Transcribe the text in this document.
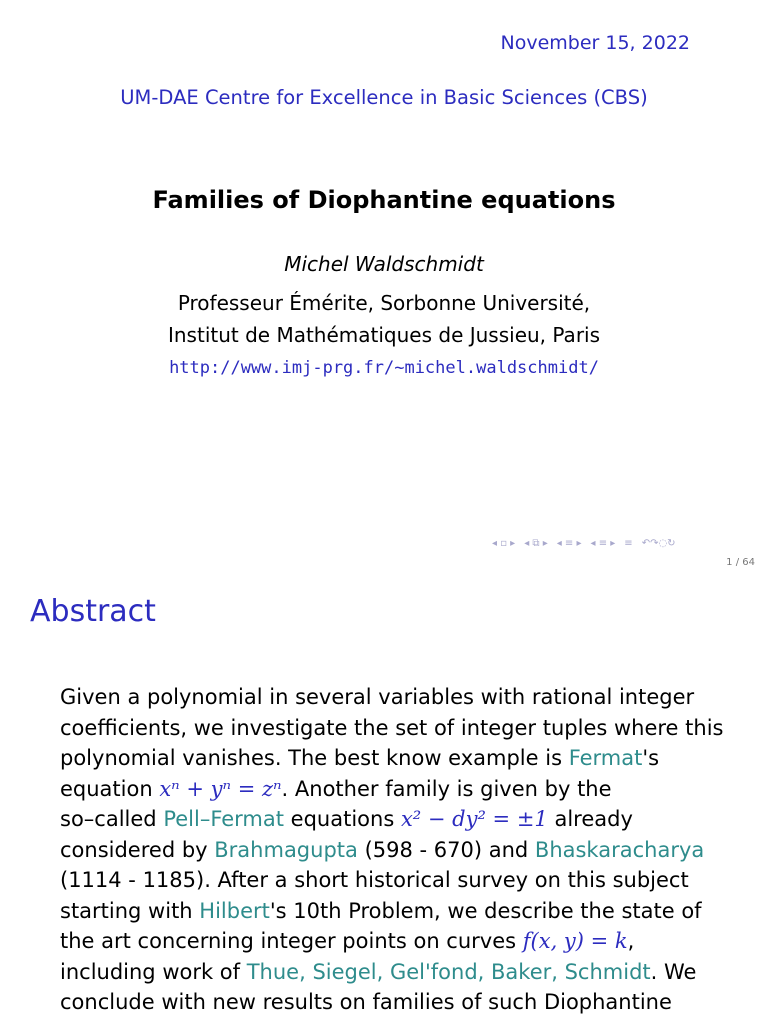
November 15, 2022
UM-DAE Centre for Excellence in Basic Sciences (CBS)
Families of Diophantine equations
Michel Waldschmidt
Professeur Émérite, Sorbonne Université,
Institut de Mathématiques de Jussieu, Paris
http://www.imj-prg.fr/~michel.waldschmidt/
◂ ▫ ▸ ◂ ⧉ ▸ ◂ ≡ ▸ ◂ ≡ ▸ ≡ ↶↷◌↻
1 / 64
Abstract
Given a polynomial in several variables with rational integer
coefficients, we investigate the set of integer tuples where this
polynomial vanishes. The best know example is Fermat's
equation xⁿ + yⁿ = zⁿ. Another family is given by the
so–called Pell–Fermat equations x² − dy² = ±1 already
considered by Brahmagupta (598 - 670) and Bhaskaracharya
(1114 - 1185). After a short historical survey on this subject
starting with Hilbert's 10th Problem, we describe the state of
the art concerning integer points on curves f(x, y) = k,
including work of Thue, Siegel, Gel'fond, Baker, Schmidt. We
conclude with new results on families of such Diophantine
